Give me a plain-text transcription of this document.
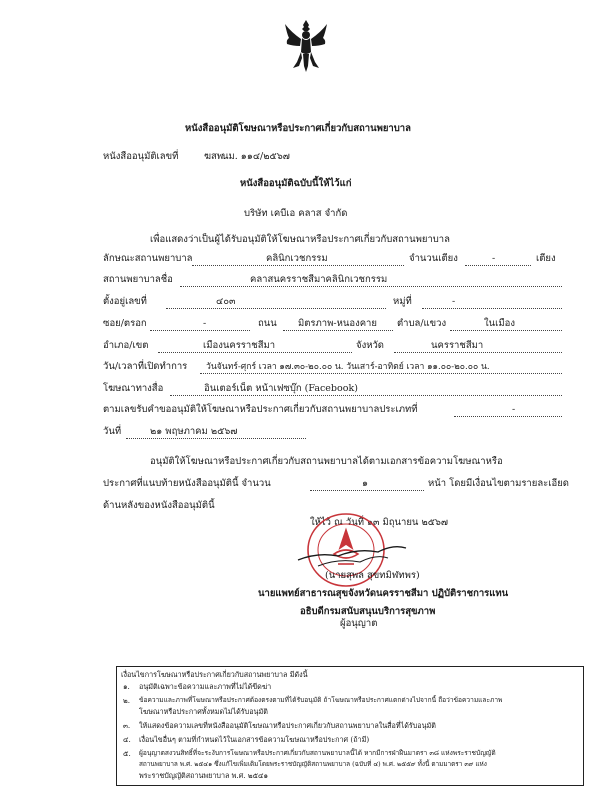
หนังสืออนุมัติโฆษณาหรือประกาศเกี่ยวกับสถานพยาบาล
หนังสืออนุมัติเลขที่	นม. ๑๑๔/๒๕๖๗
ฆสพ.
หนังสืออนุมัติฉบับนี้ให้ไว้แก่
บริษัท เคบีเอ คลาส จำกัด
เพื่อแสดงว่าเป็นผู้ได้รับอนุมัติให้โฆษณาหรือประกาศเกี่ยวกับสถานพยาบาล
ลักษณะสถานพยาบาล	คลินิกเวชกรรม	จำนวนเตียง	-	เตียง
สถานพยาบาลชื่อ	คลาสนครราชสีมาคลินิกเวชกรรม
ตั้งอยู่เลขที่	๔๐๓	หมู่ที่	-
ซอย/ตรอก	-	ถนน มิตรภาพ-หนองคาย ตำบล/แขวง	ในเมือง
อำเภอ/เขต	เมืองนครราชสีมา	จังหวัด	นครราชสีมา
วัน/เวลาที่เปิดทำการ วันจันทร์-ศุกร์ เวลา ๑๗.๓๐-๒๐.๐๐ น. วันเสาร์-อาทิตย์ เวลา ๑๑.๐๐-๒๐.๐๐ น.
โฆษณาทางสื่อ	อินเตอร์เน็ต หน้าเฟซบุ๊ก (Facebook)
ตามเลขรับคำขออนุมัติให้โฆษณาหรือประกาศเกี่ยวกับสถานพยาบาลประเภทที่	-
วันที่	๒๑ พฤษภาคม ๒๕๖๗
อนุมัติให้โฆษณาหรือประกาศเกี่ยวกับสถานพยาบาลได้ตามเอกสารข้อความโฆษณาหรือ
ประกาศที่แนบท้ายหนังสืออนุมัตินี้ จำนวน	๑	หน้า โดยมีเงื่อนไขตามรายละเอียด
ด้านหลังของหนังสืออนุมัตินี้
ให้ไว้ ณ วันที่ ๑๓ มิถุนายน ๒๕๖๗
(นายสุพล สุขทมิฬทพร)
นายแพทย์สาธารณสุขจังหวัดนครราชสีมา ปฏิบัติราชการแทน
อธิบดีกรมสนับสนุนบริการสุขภาพ
ผู้อนุญาต
เงื่อนไขการโฆษณาหรือประกาศเกี่ยวกับสถานพยาบาล มีดังนี้
๑. อนุมัติเฉพาะข้อความและภาพที่ไม่ได้ขีดฆ่า
๒. ข้อความและภาพที่โฆษณาหรือประกาศต้องตรงตามที่ได้รับอนุมัติ ถ้าโฆษณาหรือประกาศแตกต่างไปจากนี้ ถือว่าข้อความและภาพ
โฆษณาหรือประกาศทั้งหมดไม่ได้รับอนุมัติ
๓. ให้แสดงข้อความเลขที่หนังสืออนุมัติโฆษณาหรือประกาศเกี่ยวกับสถานพยาบาลในสื่อที่ได้รับอนุมัติ
๔. เงื่อนไขอื่นๆ ตามที่กำหนดไว้ในเอกสารข้อความโฆษณาหรือประกาศ (ถ้ามี)
๕. ผู้อนุญาตสงวนสิทธิ์ที่จะระงับการโฆษณาหรือประกาศเกี่ยวกับสถานพยาบาลนี้ได้ หากมีการฝ่าฝืนมาตรา ๓๘ แห่งพระราชบัญญัติ
สถานพยาบาล พ.ศ. ๒๕๔๑ ซึ่งแก้ไขเพิ่มเติมโดยพระราชบัญญัติสถานพยาบาล (ฉบับที่ ๔) พ.ศ. ๒๕๕๙ ทั้งนี้ ตามมาตรา ๓๙ แห่ง
พระราชบัญญัติสถานพยาบาล พ.ศ. ๒๕๔๑
